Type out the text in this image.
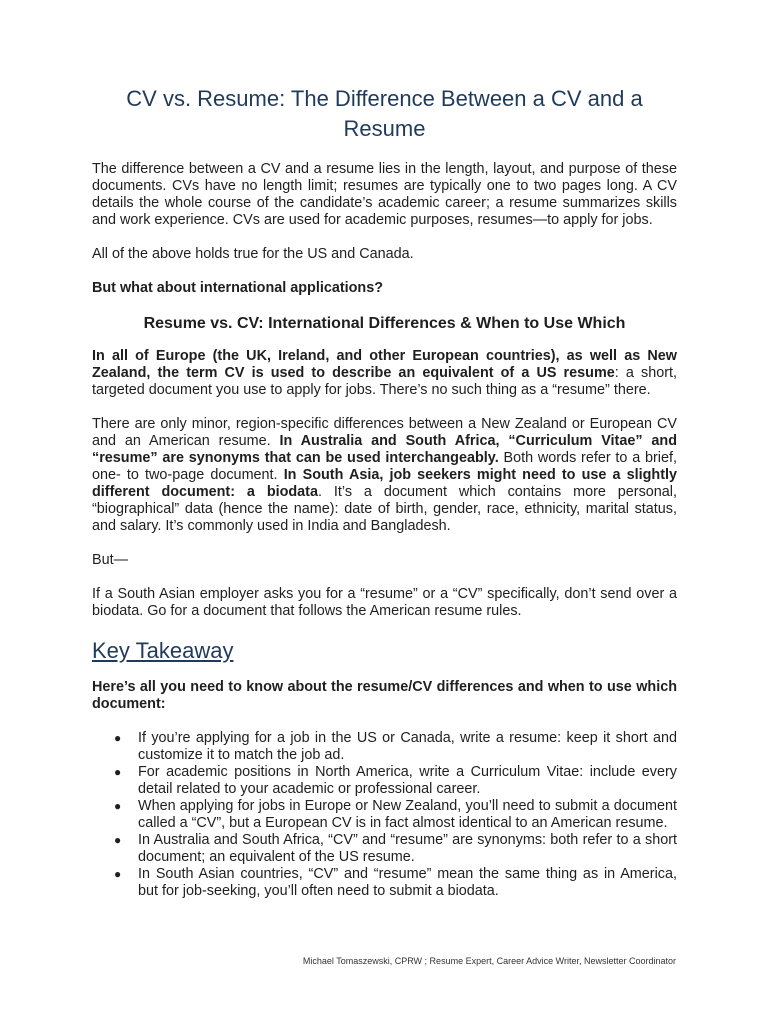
CV vs. Resume: The Difference Between a CV and a Resume

The difference between a CV and a resume lies in the length, layout, and purpose of these documents. CVs have no length limit; resumes are typically one to two pages long. A CV details the whole course of the candidate’s academic career; a resume summarizes skills and work experience. CVs are used for academic purposes, resumes—to apply for jobs.

All of the above holds true for the US and Canada.

But what about international applications?

Resume vs. CV: International Differences & When to Use Which

In all of Europe (the UK, Ireland, and other European countries), as well as New Zealand, the term CV is used to describe an equivalent of a US resume: a short, targeted document you use to apply for jobs. There’s no such thing as a “resume” there.

There are only minor, region-specific differences between a New Zealand or European CV and an American resume. In Australia and South Africa, “Curriculum Vitae” and “resume” are synonyms that can be used interchangeably. Both words refer to a brief, one- to two-page document. In South Asia, job seekers might need to use a slightly different document: a biodata. It’s a document which contains more personal, “biographical” data (hence the name): date of birth, gender, race, ethnicity, marital status, and salary. It’s commonly used in India and Bangladesh.

But—

If a South Asian employer asks you for a “resume” or a “CV” specifically, don’t send over a biodata. Go for a document that follows the American resume rules.

Key Takeaway

Here’s all you need to know about the resume/CV differences and when to use which document:

● If you’re applying for a job in the US or Canada, write a resume: keep it short and customize it to match the job ad.
● For academic positions in North America, write a Curriculum Vitae: include every detail related to your academic or professional career.
● When applying for jobs in Europe or New Zealand, you’ll need to submit a document called a “CV”, but a European CV is in fact almost identical to an American resume.
● In Australia and South Africa, “CV” and “resume” are synonyms: both refer to a short document; an equivalent of the US resume.
● In South Asian countries, “CV” and “resume” mean the same thing as in America, but for job-seeking, you’ll often need to submit a biodata.
Michael Tomaszewski, CPRW ; Resume Expert, Career Advice Writer, Newsletter Coordinator
